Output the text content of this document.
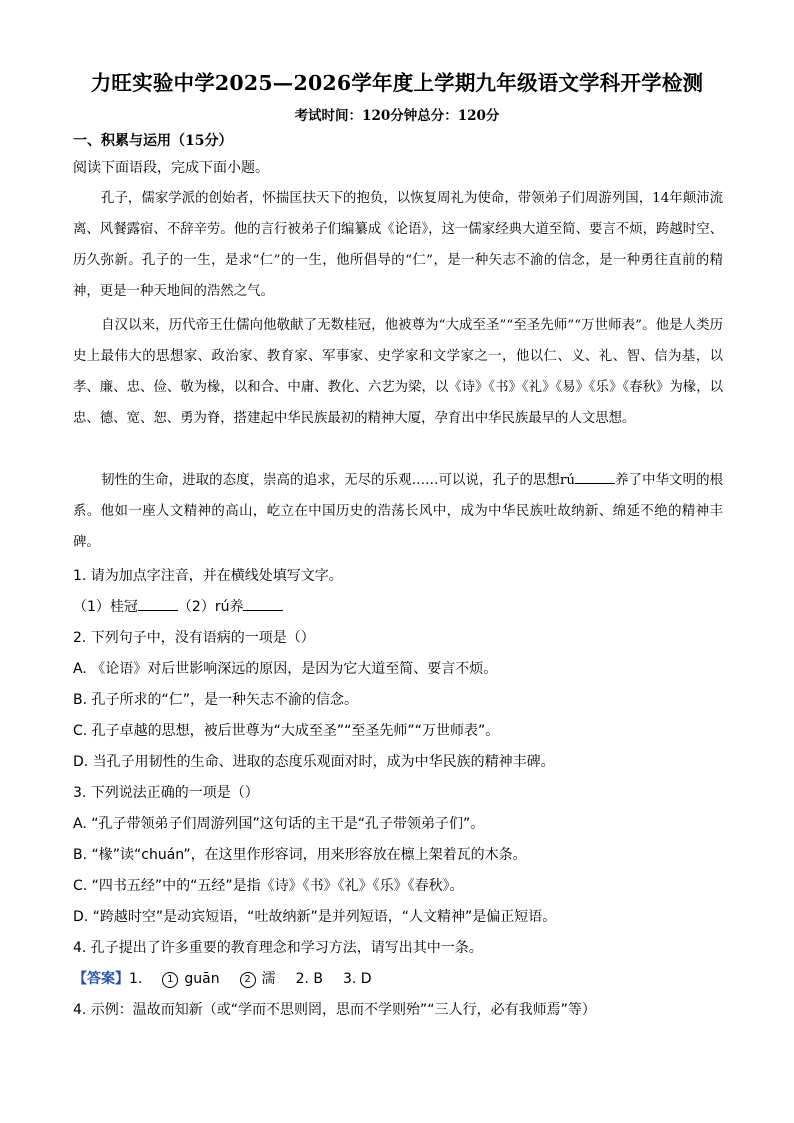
力旺实验中学2025—2026学年度上学期九年级语文学科开学检测
考试时间：120分钟总分：120分
一、积累与运用（15分）
阅读下面语段，完成下面小题。
孔子，儒家学派的创始者，怀揣匡扶天下的抱负，以恢复周礼为使命，带领弟子们周游列国，14年颠沛流离、风餐露宿、不辞辛劳。他的言行被弟子们编纂成《论语》，这一儒家经典大道至简、要言不烦，跨越时空、历久弥新。孔子的一生，是求“仁”的一生，他所倡导的“仁”，是一种矢志不渝的信念，是一种勇往直前的精神，更是一种天地间的浩然之气。
自汉以来，历代帝王仕儒向他敬献了无数桂冠，他被尊为“大成至圣”“至圣先师”“万世师表”。他是人类历史上最伟大的思想家、政治家、教育家、军事家、史学家和文学家之一，他以仁、义、礼、智、信为基，以孝、廉、忠、俭、敬为椽，以和合、中庸、教化、六艺为梁，以《诗》《书》《礼》《易》《乐》《春秋》为椽，以忠、德、宽、恕、勇为脊，搭建起中华民族最初的精神大厦，孕育出中华民族最早的人文思想。
韧性的生命，进取的态度，崇高的追求，无尽的乐观……可以说，孔子的思想rú	养了中华文明的根系。他如一座人文精神的高山，屹立在中国历史的浩荡长风中，成为中华民族吐故纳新、绵延不绝的精神丰碑。
1. 请为加点字注音，并在横线处填写文字。
（1）桂冠	（2）rú养
2. 下列句子中，没有语病的一项是（）
A. 《论语》对后世影响深远的原因，是因为它大道至简、要言不烦。
B. 孔子所求的“仁”，是一种矢志不渝的信念。
C. 孔子卓越的思想，被后世尊为“大成至圣”“至圣先师”“万世师表”。
D. 当孔子用韧性的生命、进取的态度乐观面对时，成为中华民族的精神丰碑。
3. 下列说法正确的一项是（）
A. “孔子带领弟子们周游列国”这句话的主干是“孔子带领弟子们”。
B. “椽”读“chuán”，在这里作形容词，用来形容放在檩上架着瓦的木条。
C. “四书五经”中的“五经”是指《诗》《书》《礼》《乐》《春秋》。
D. “跨越时空”是动宾短语，“吐故纳新”是并列短语，“人文精神”是偏正短语。
4. 孔子提出了许多重要的教育理念和学习方法，请写出其中一条。
【答案】1. 1 guān 2 濡 2. B 3. D
4. 示例：温故而知新（或“学而不思则罔，思而不学则殆”“三人行，必有我师焉”等）
